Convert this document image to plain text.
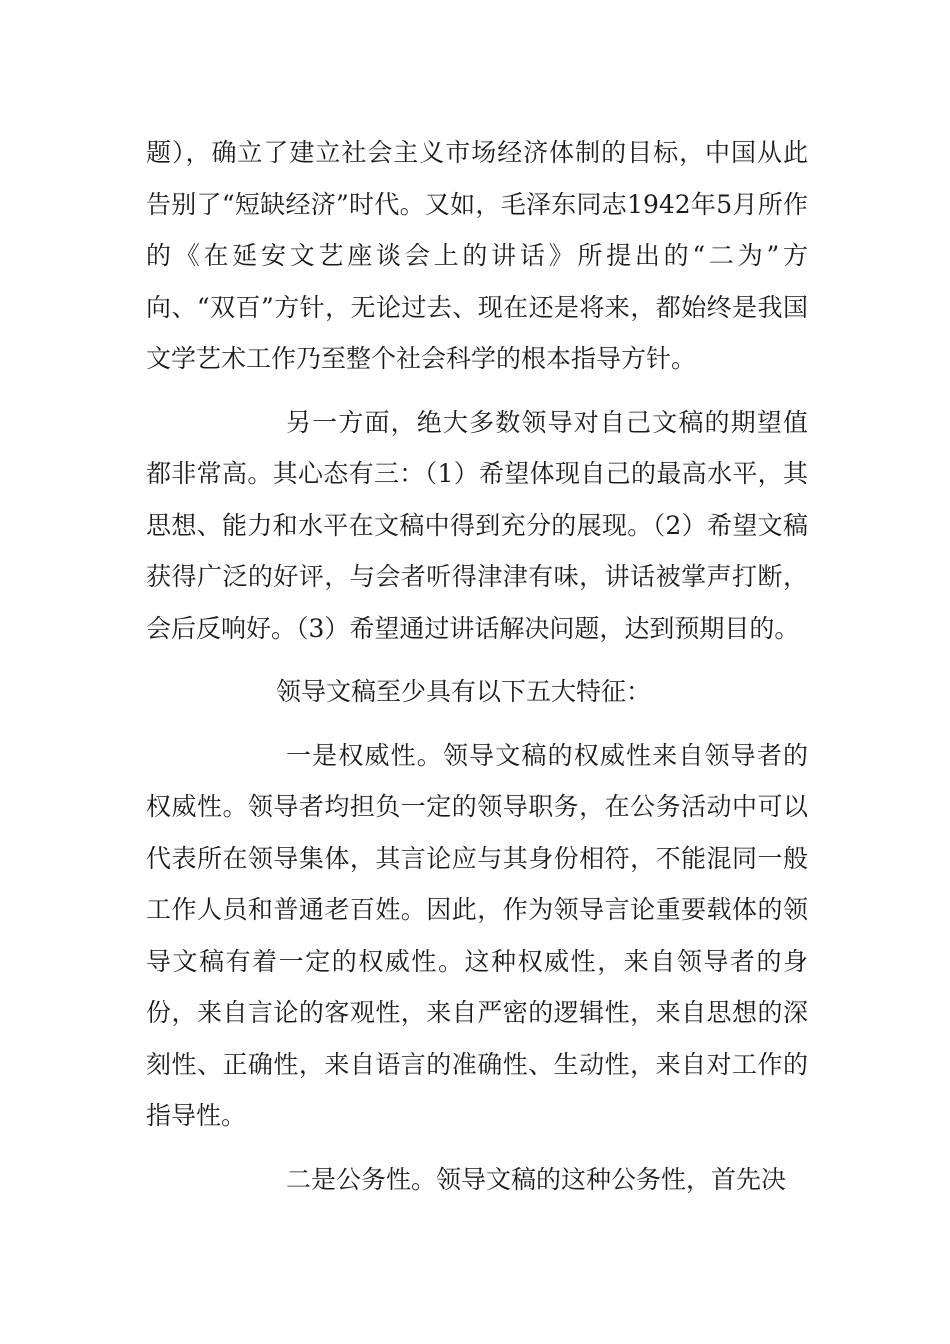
题），确立了建立社会主义市场经济体制的目标，中国从此告别了“短缺经济”时代。又如，毛泽东同志1942年5月所作的《在延安文艺座谈会上的讲话》所提出的“二为”方向、“双百”方针，无论过去、现在还是将来，都始终是我国文学艺术工作乃至整个社会科学的根本指导方针。

另一方面，绝大多数领导对自己文稿的期望值都非常高。其心态有三：（1）希望体现自己的最高水平，其思想、能力和水平在文稿中得到充分的展现。（2）希望文稿获得广泛的好评，与会者听得津津有味，讲话被掌声打断，会后反响好。（3）希望通过讲话解决问题，达到预期目的。

领导文稿至少具有以下五大特征：

一是权威性。领导文稿的权威性来自领导者的权威性。领导者均担负一定的领导职务，在公务活动中可以代表所在领导集体，其言论应与其身份相符，不能混同一般工作人员和普通老百姓。因此，作为领导言论重要载体的领导文稿有着一定的权威性。这种权威性，来自领导者的身份，来自言论的客观性，来自严密的逻辑性，来自思想的深刻性、正确性，来自语言的准确性、生动性，来自对工作的指导性。

二是公务性。领导文稿的这种公务性，首先决
